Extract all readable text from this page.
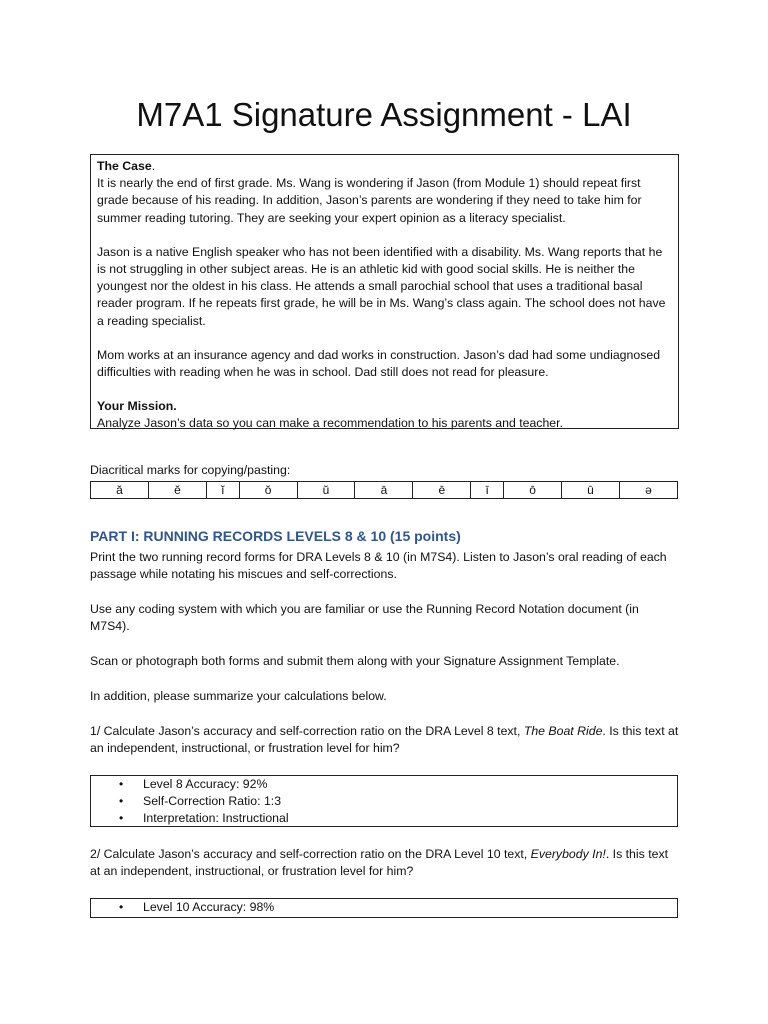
M7A1 Signature Assignment - LAI

The Case.

It is nearly the end of first grade. Ms. Wang is wondering if Jason (from Module 1) should repeat first grade because of his reading. In addition, Jason’s parents are wondering if they need to take him for summer reading tutoring. They are seeking your expert opinion as a literacy specialist.

Jason is a native English speaker who has not been identified with a disability. Ms. Wang reports that he is not struggling in other subject areas. He is an athletic kid with good social skills. He is neither the youngest nor the oldest in his class. He attends a small parochial school that uses a traditional basal reader program. If he repeats first grade, he will be in Ms. Wang’s class again. The school does not have a reading specialist.

Mom works at an insurance agency and dad works in construction. Jason’s dad had some undiagnosed difficulties with reading when he was in school. Dad still does not read for pleasure.

Your Mission.

Analyze Jason’s data so you can make a recommendation to his parents and teacher.

Diacritical marks for copying/pasting:
ă	ĕ	ĭ	ŏ	ŭ	ā	ē	ī	ō	ū	ə
PART I: RUNNING RECORDS LEVELS 8 & 10 (15 points)
Print the two running record forms for DRA Levels 8 & 10 (in M7S4). Listen to Jason’s oral reading of each passage while notating his miscues and self-corrections.
Use any coding system with which you are familiar or use the Running Record Notation document (in M7S4).
Scan or photograph both forms and submit them along with your Signature Assignment Template.
In addition, please summarize your calculations below.
1/ Calculate Jason’s accuracy and self-correction ratio on the DRA Level 8 text, The Boat Ride. Is this text at an independent, instructional, or frustration level for him?
• Level 8 Accuracy: 92%
• Self-Correction Ratio: 1:3
• Interpretation: Instructional
2/ Calculate Jason’s accuracy and self-correction ratio on the DRA Level 10 text, Everybody In!. Is this text at an independent, instructional, or frustration level for him?
• Level 10 Accuracy: 98%
